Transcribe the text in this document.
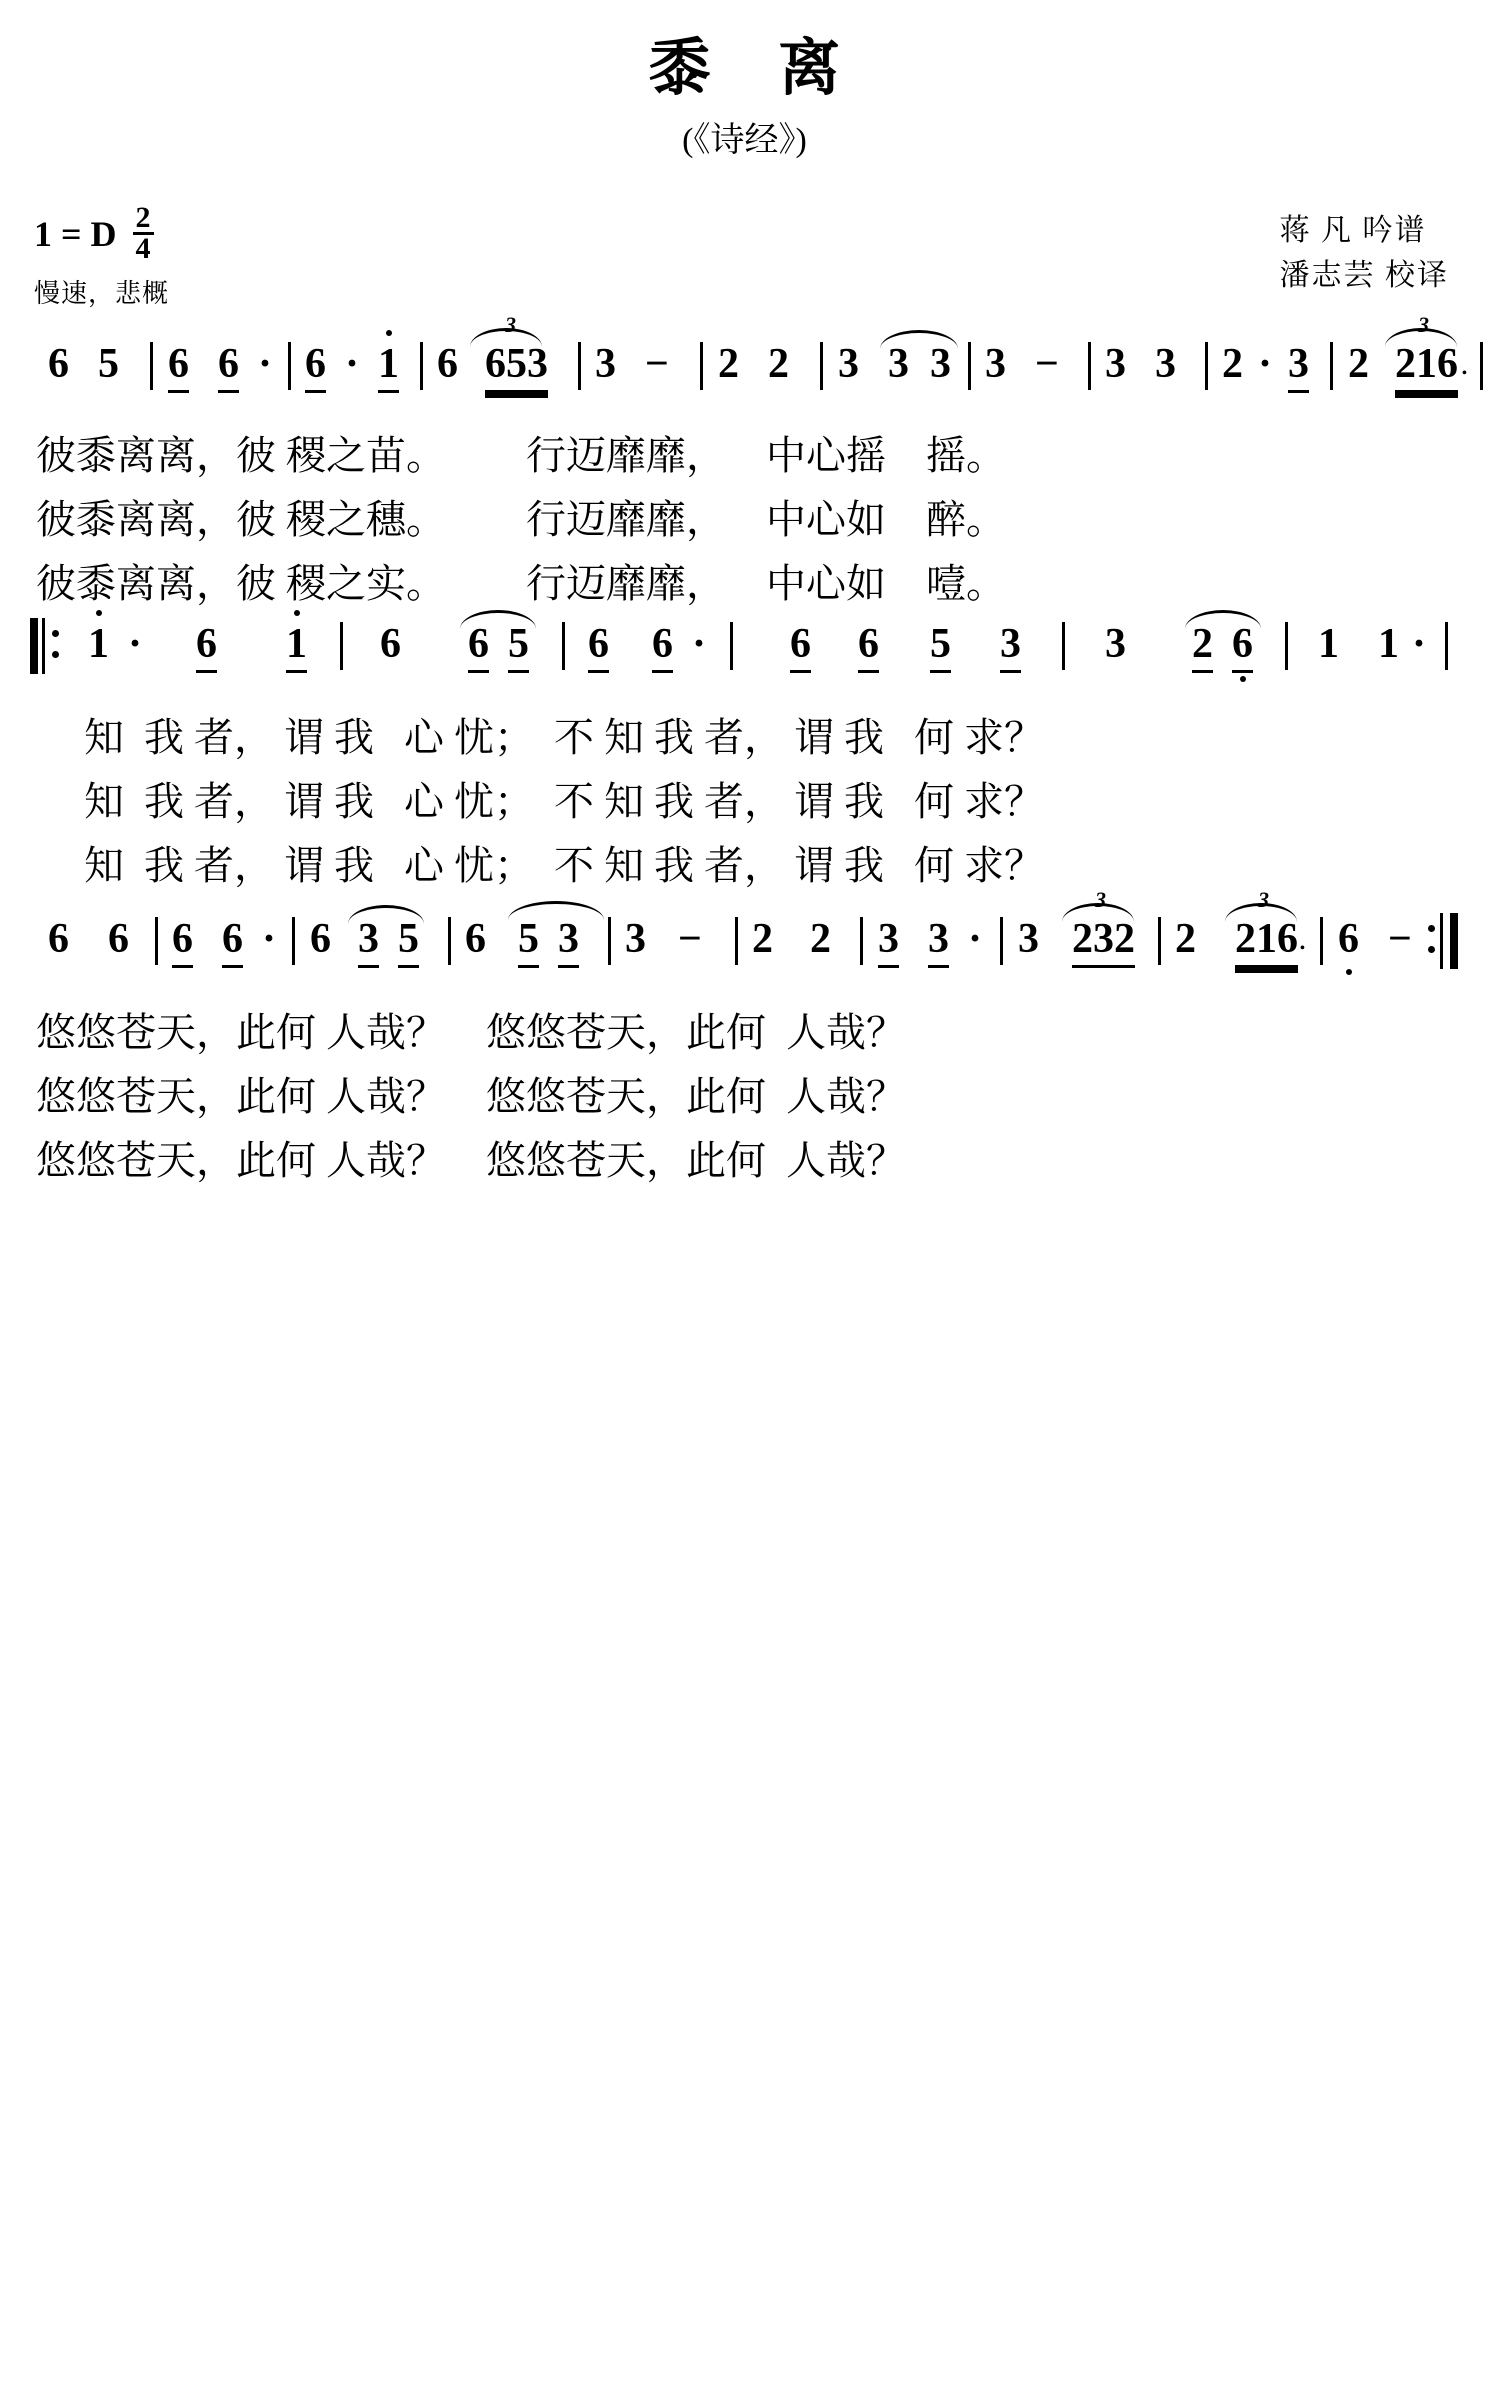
黍 离
(《诗经》)
1 = D $\frac{2}{4}$
慢速，悲概
蒋 凡 吟谱
潘志芸 校译

6

5

6

6

·

6

·

1

6

3

653

3

−

2

2

3

3

3

3

−

3

3

2

·

3

2

3

216

•

彼黍离离，彼 稷之苗。        行迈靡靡，    中心摇    摇。

彼黍离离，彼 稷之穗。        行迈靡靡，    中心如    醉。

彼黍离离，彼 稷之实。        行迈靡靡，    中心如    噎。

1

·

6

1

6

6

5

6

6

·

6

6

5

3

3

2

6

1

1

·

知  我 者， 谓 我   心 忧；  不 知 我 者， 谓 我   何 求？

知  我 者， 谓 我   心 忧；  不 知 我 者， 谓 我   何 求？

知  我 者， 谓 我   心 忧；  不 知 我 者， 谓 我   何 求？

6

6

6

6

·

6

3

5

6

5

3

3

−

2

2

3

3

·

3

3

232

2

3

216

•

6

−

悠悠苍天，此何 人哉？    悠悠苍天，此何  人哉？

悠悠苍天，此何 人哉？    悠悠苍天，此何  人哉？

悠悠苍天，此何 人哉？    悠悠苍天，此何  人哉？
